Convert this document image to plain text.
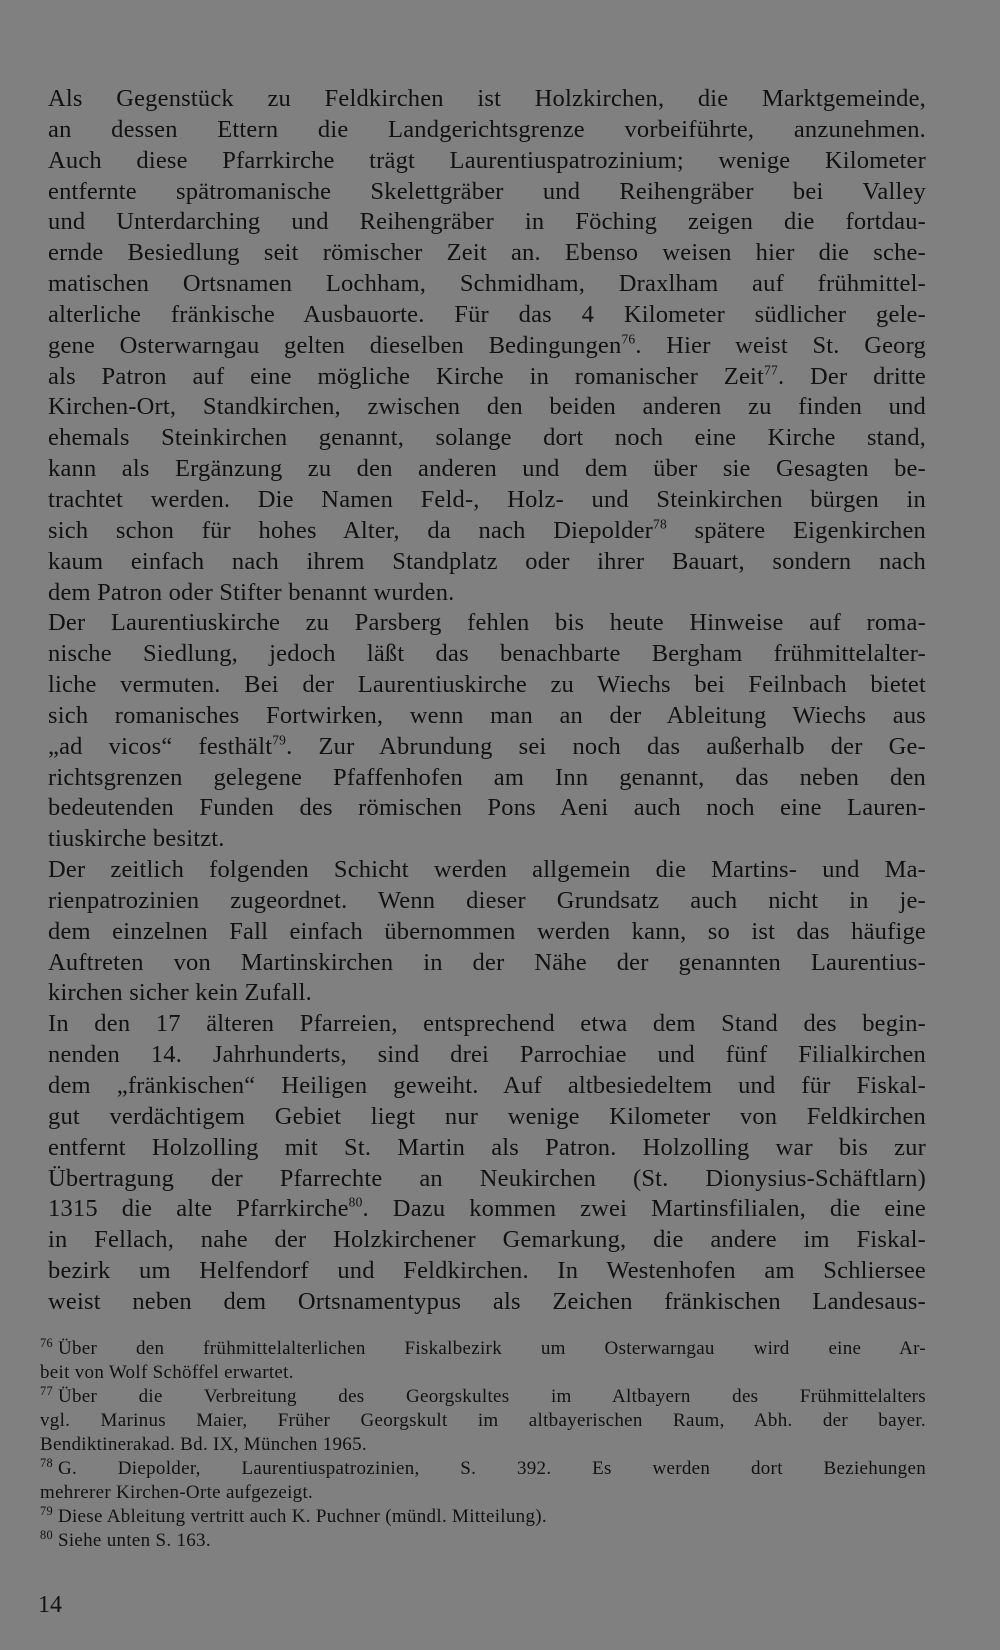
Als Gegenstück zu Feldkirchen ist Holzkirchen, die Marktgemeinde,
an dessen Ettern die Landgerichtsgrenze vorbeiführte, anzunehmen.
Auch diese Pfarrkirche trägt Laurentiuspatrozinium; wenige Kilometer
entfernte spätromanische Skelettgräber und Reihengräber bei Valley
und Unterdarching und Reihengräber in Föching zeigen die fortdau-
ernde Besiedlung seit römischer Zeit an. Ebenso weisen hier die sche-
matischen Ortsnamen Lochham, Schmidham, Draxlham auf frühmittel-
alterliche fränkische Ausbauorte. Für das 4 Kilometer südlicher gele-
gene Osterwarngau gelten dieselben Bedingungen$^{76}$. Hier weist St. Georg
als Patron auf eine mögliche Kirche in romanischer Zeit$^{77}$. Der dritte
Kirchen-Ort, Standkirchen, zwischen den beiden anderen zu finden und
ehemals Steinkirchen genannt, solange dort noch eine Kirche stand,
kann als Ergänzung zu den anderen und dem über sie Gesagten be-
trachtet werden. Die Namen Feld-, Holz- und Steinkirchen bürgen in
sich schon für hohes Alter, da nach Diepolder$^{78}$ spätere Eigenkirchen
kaum einfach nach ihrem Standplatz oder ihrer Bauart, sondern nach
dem Patron oder Stifter benannt wurden.
Der Laurentiuskirche zu Parsberg fehlen bis heute Hinweise auf roma-
nische Siedlung, jedoch läßt das benachbarte Bergham frühmittelalter-
liche vermuten. Bei der Laurentiuskirche zu Wiechs bei Feilnbach bietet
sich romanisches Fortwirken, wenn man an der Ableitung Wiechs aus
„ad vicos“ festhält$^{79}$. Zur Abrundung sei noch das außerhalb der Ge-
richtsgrenzen gelegene Pfaffenhofen am Inn genannt, das neben den
bedeutenden Funden des römischen Pons Aeni auch noch eine Lauren-
tiuskirche besitzt.
Der zeitlich folgenden Schicht werden allgemein die Martins- und Ma-
rienpatrozinien zugeordnet. Wenn dieser Grundsatz auch nicht in je-
dem einzelnen Fall einfach übernommen werden kann, so ist das häufige
Auftreten von Martinskirchen in der Nähe der genannten Laurentius-
kirchen sicher kein Zufall.
In den 17 älteren Pfarreien, entsprechend etwa dem Stand des begin-
nenden 14. Jahrhunderts, sind drei Parrochiae und fünf Filialkirchen
dem „fränkischen“ Heiligen geweiht. Auf altbesiedeltem und für Fiskal-
gut verdächtigem Gebiet liegt nur wenige Kilometer von Feldkirchen
entfernt Holzolling mit St. Martin als Patron. Holzolling war bis zur
Übertragung der Pfarrechte an Neukirchen (St. Dionysius-Schäftlarn)
1315 die alte Pfarrkirche$^{80}$. Dazu kommen zwei Martinsfilialen, die eine
in Fellach, nahe der Holzkirchener Gemarkung, die andere im Fiskal-
bezirk um Helfendorf und Feldkirchen. In Westenhofen am Schliersee
weist neben dem Ortsnamentypus als Zeichen fränkischen Landesaus-
$^{76}$ Über den frühmittelalterlichen Fiskalbezirk um Osterwarngau wird eine Ar-
beit von Wolf Schöffel erwartet.
$^{77}$ Über die Verbreitung des Georgskultes im Altbayern des Frühmittelalters
vgl. Marinus Maier, Früher Georgskult im altbayerischen Raum, Abh. der bayer.
Bendiktinerakad. Bd. IX, München 1965.
$^{78}$ G. Diepolder, Laurentiuspatrozinien, S. 392. Es werden dort Beziehungen
mehrerer Kirchen-Orte aufgezeigt.
$^{79}$ Diese Ableitung vertritt auch K. Puchner (mündl. Mitteilung).
$^{80}$ Siehe unten S. 163.
14
